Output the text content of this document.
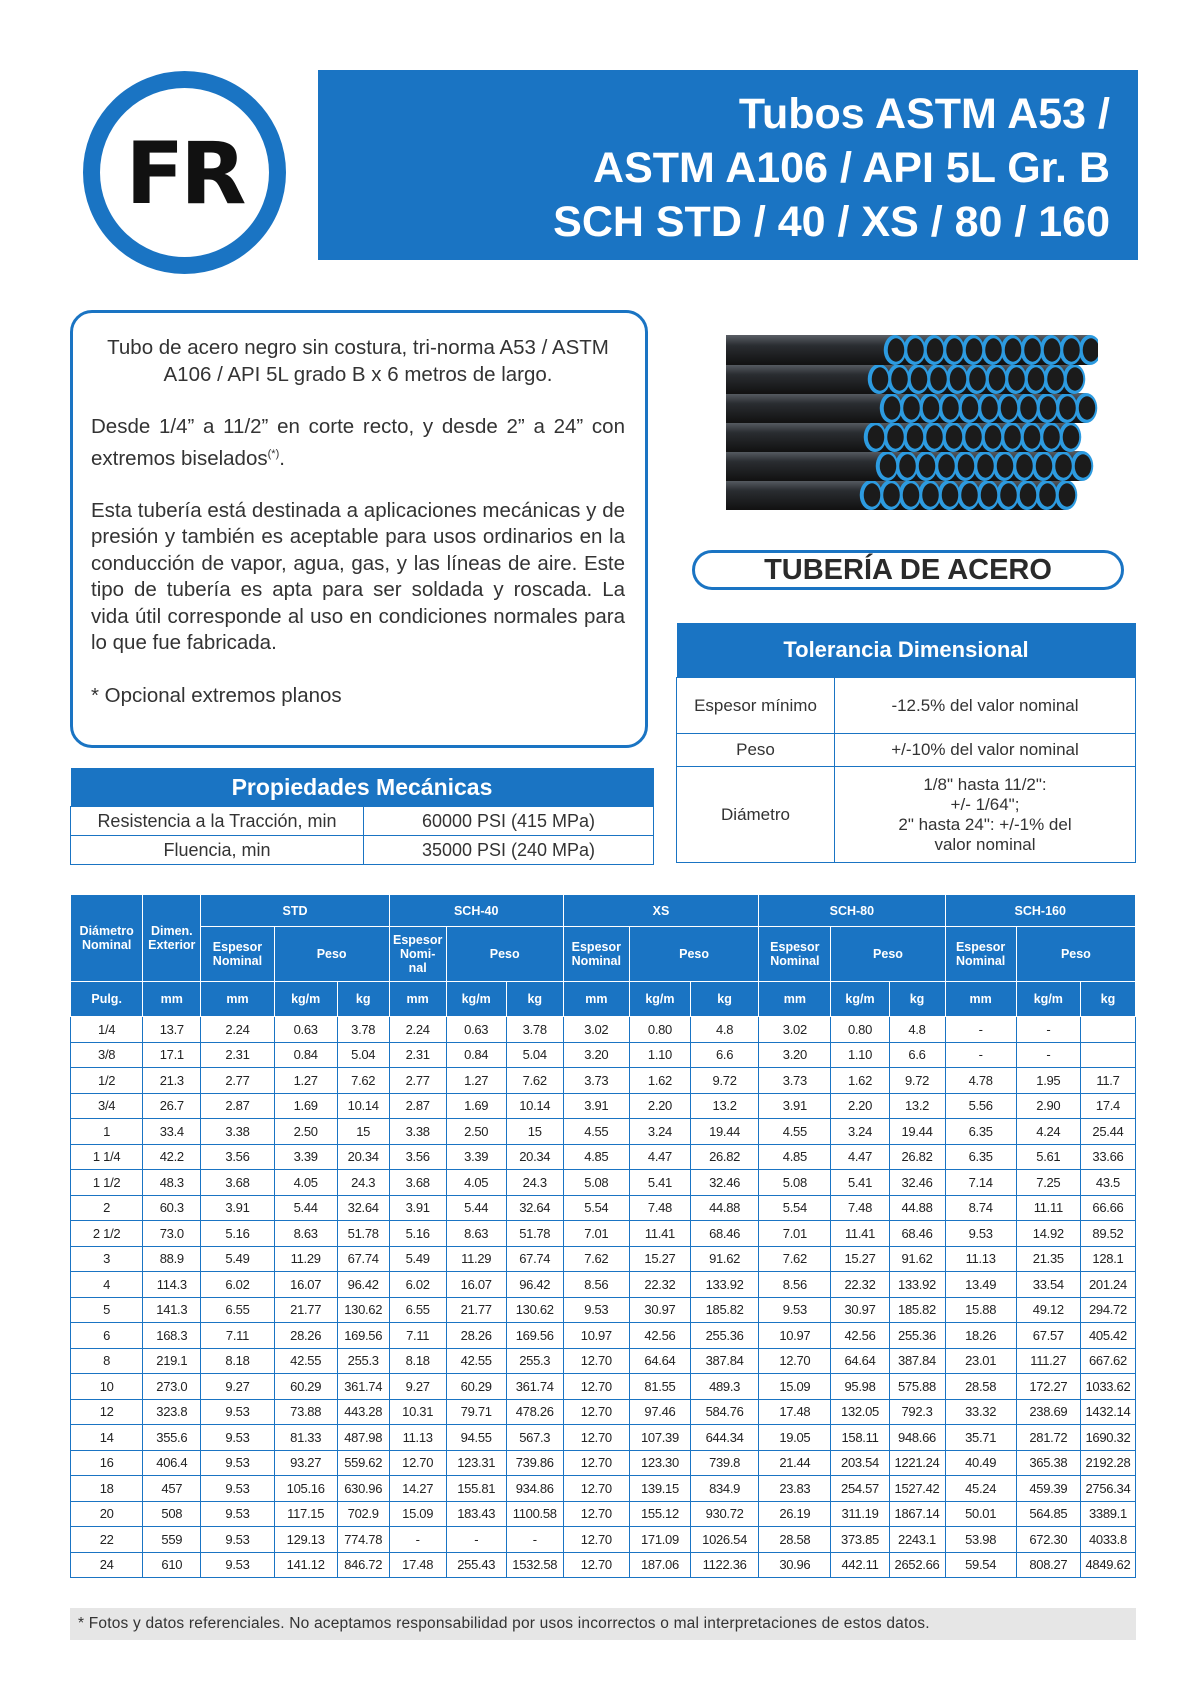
FR
Tubos ASTM A53 /
ASTM A106 / API 5L Gr. B
SCH STD / 40 / XS / 80 / 160

Tubo de acero negro sin costura, tri-norma A53 / ASTM A106 / API 5L grado B x 6 metros de largo.

Desde 1/4” a 11/2” en corte recto, y desde 2” a 24” con extremos biselados(*).

Esta tubería está destinada a aplicaciones mecánicas y de presión y también es aceptable para usos ordinarios en la conducción de vapor, agua, gas, y las líneas de aire. Este tipo de tubería es apta para ser soldada y roscada. La vida útil corresponde al uso en condiciones normales para lo que fue fabricada.

* Opcional extremos planos

TUBERÍA DE ACERO
Tolerancia Dimensional	
Espesor mínimo	-12.5% del valor nominal
Peso	+/-10% del valor nominal
Diámetro	1/8" hasta 11/2":
+/- 1/64";
2" hasta 24": +/-1% del
valor nominal
Propiedades Mecánicas	
Resistencia a la Tracción, min	60000 PSI (415 MPa)
Fluencia, min	35000 PSI (240 MPa)
Diámetro Nominal	Dimen. Exterior	STD			SCH-40			XS			SCH-80			SCH-160		
		Espesor Nominal	Peso		Espesor Nomi- nal	Peso		Espesor Nominal	Peso		Espesor Nominal	Peso		Espesor Nominal	Peso	
Pulg.	mm	mm	kg/m	kg	mm	kg/m	kg	mm	kg/m	kg	mm	kg/m	kg	mm	kg/m	kg
1/4	13.7	2.24	0.63	3.78	2.24	0.63	3.78	3.02	0.80	4.8	3.02	0.80	4.8	-	-	
3/8	17.1	2.31	0.84	5.04	2.31	0.84	5.04	3.20	1.10	6.6	3.20	1.10	6.6	-	-	
1/2	21.3	2.77	1.27	7.62	2.77	1.27	7.62	3.73	1.62	9.72	3.73	1.62	9.72	4.78	1.95	11.7
3/4	26.7	2.87	1.69	10.14	2.87	1.69	10.14	3.91	2.20	13.2	3.91	2.20	13.2	5.56	2.90	17.4
1	33.4	3.38	2.50	15	3.38	2.50	15	4.55	3.24	19.44	4.55	3.24	19.44	6.35	4.24	25.44
1 1/4	42.2	3.56	3.39	20.34	3.56	3.39	20.34	4.85	4.47	26.82	4.85	4.47	26.82	6.35	5.61	33.66
1 1/2	48.3	3.68	4.05	24.3	3.68	4.05	24.3	5.08	5.41	32.46	5.08	5.41	32.46	7.14	7.25	43.5
2	60.3	3.91	5.44	32.64	3.91	5.44	32.64	5.54	7.48	44.88	5.54	7.48	44.88	8.74	11.11	66.66
2 1/2	73.0	5.16	8.63	51.78	5.16	8.63	51.78	7.01	11.41	68.46	7.01	11.41	68.46	9.53	14.92	89.52
3	88.9	5.49	11.29	67.74	5.49	11.29	67.74	7.62	15.27	91.62	7.62	15.27	91.62	11.13	21.35	128.1
4	114.3	6.02	16.07	96.42	6.02	16.07	96.42	8.56	22.32	133.92	8.56	22.32	133.92	13.49	33.54	201.24
5	141.3	6.55	21.77	130.62	6.55	21.77	130.62	9.53	30.97	185.82	9.53	30.97	185.82	15.88	49.12	294.72
6	168.3	7.11	28.26	169.56	7.11	28.26	169.56	10.97	42.56	255.36	10.97	42.56	255.36	18.26	67.57	405.42
8	219.1	8.18	42.55	255.3	8.18	42.55	255.3	12.70	64.64	387.84	12.70	64.64	387.84	23.01	111.27	667.62
10	273.0	9.27	60.29	361.74	9.27	60.29	361.74	12.70	81.55	489.3	15.09	95.98	575.88	28.58	172.27	1033.62
12	323.8	9.53	73.88	443.28	10.31	79.71	478.26	12.70	97.46	584.76	17.48	132.05	792.3	33.32	238.69	1432.14
14	355.6	9.53	81.33	487.98	11.13	94.55	567.3	12.70	107.39	644.34	19.05	158.11	948.66	35.71	281.72	1690.32
16	406.4	9.53	93.27	559.62	12.70	123.31	739.86	12.70	123.30	739.8	21.44	203.54	1221.24	40.49	365.38	2192.28
18	457	9.53	105.16	630.96	14.27	155.81	934.86	12.70	139.15	834.9	23.83	254.57	1527.42	45.24	459.39	2756.34
20	508	9.53	117.15	702.9	15.09	183.43	1100.58	12.70	155.12	930.72	26.19	311.19	1867.14	50.01	564.85	3389.1
22	559	9.53	129.13	774.78	-	-	-	12.70	171.09	1026.54	28.58	373.85	2243.1	53.98	672.30	4033.8
24	610	9.53	141.12	846.72	17.48	255.43	1532.58	12.70	187.06	1122.36	30.96	442.11	2652.66	59.54	808.27	4849.62
* Fotos y datos referenciales. No aceptamos responsabilidad por usos incorrectos o mal interpretaciones de estos datos.
